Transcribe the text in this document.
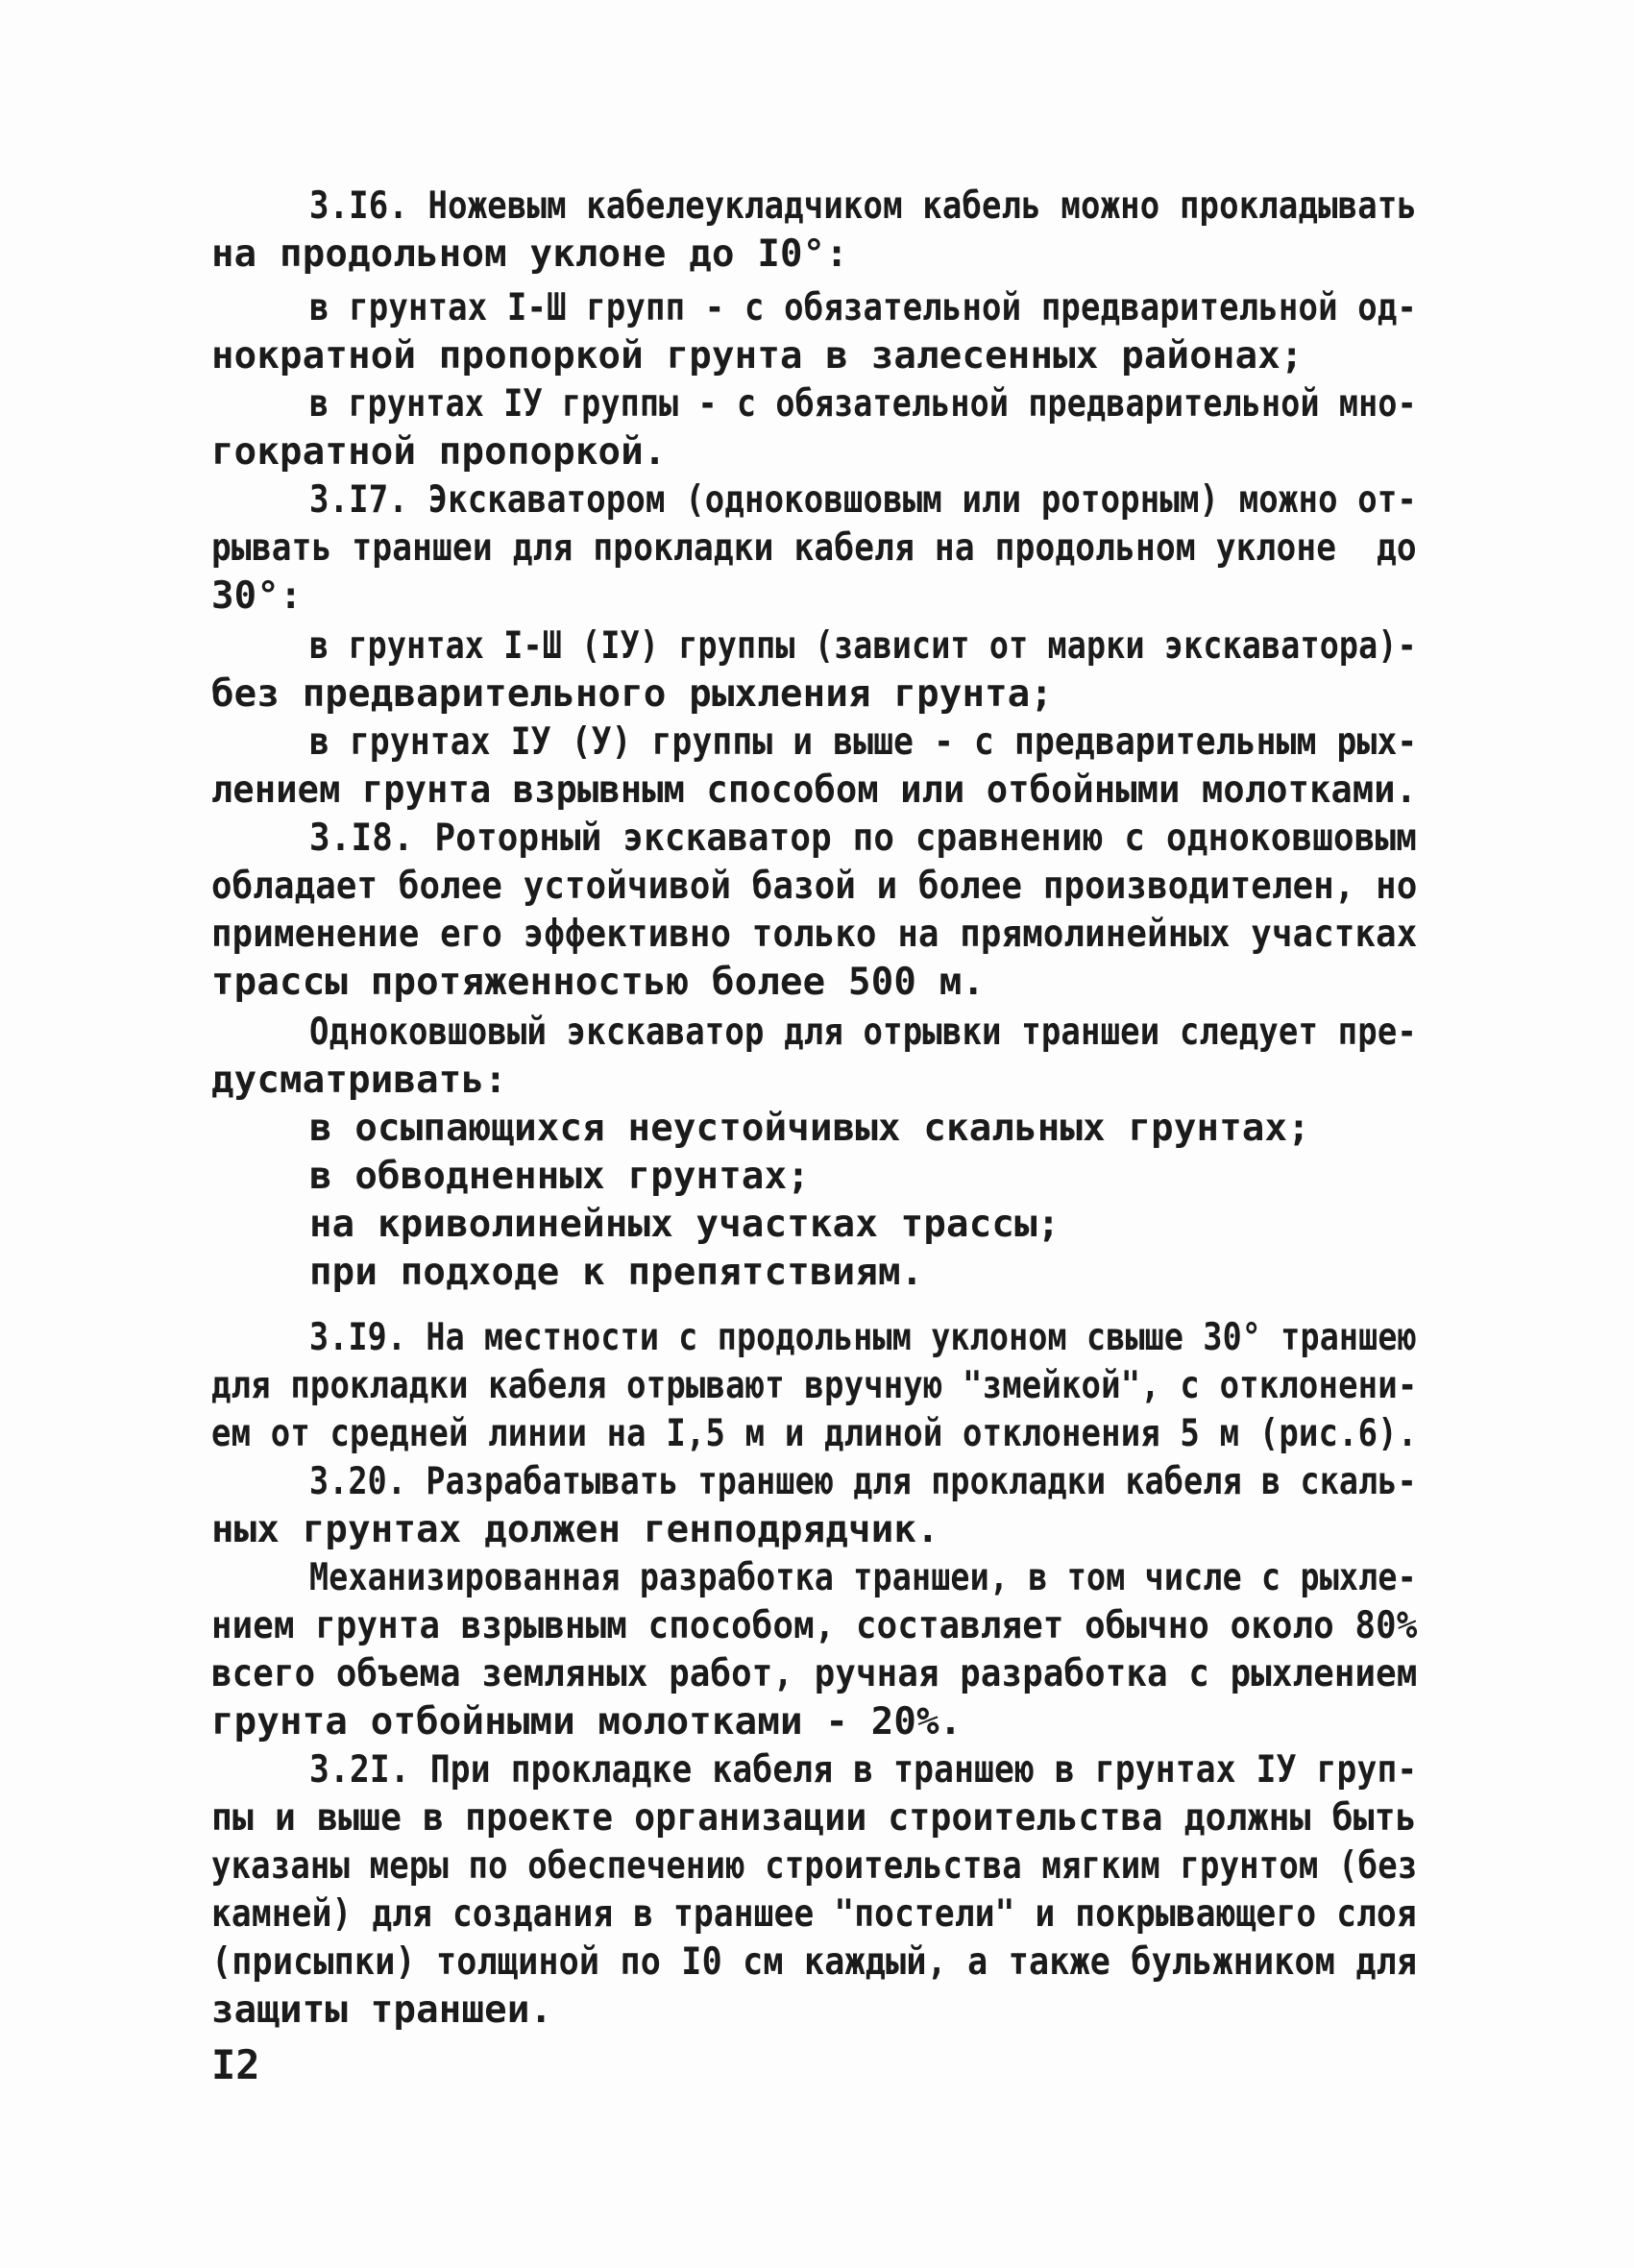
3.I6. Ножевым кабелеукладчиком кабель можно прокладывать
на продольном уклоне до I0°:
в грунтах I-Ш групп - с обязательной предварительной од-
нократной пропоркой грунта в залесенных районах;
в грунтах IУ группы - с обязательной предварительной мно-
гократной пропоркой.
3.I7. Экскаватором (одноковшовым или роторным) можно от-
рывать траншеи для прокладки кабеля на продольном уклоне  до
30°:
в грунтах I-Ш (IУ) группы (зависит от марки экскаватора)-
без предварительного рыхления грунта;
в грунтах IУ (У) группы и выше - с предварительным рых-
лением грунта взрывным способом или отбойными молотками.
3.I8. Роторный экскаватор по сравнению с одноковшовым
обладает более устойчивой базой и более производителен, но
применение его эффективно только на прямолинейных участках
трассы протяженностью более 500 м.
Одноковшовый экскаватор для отрывки траншеи следует пре-
дусматривать:
в осыпающихся неустойчивых скальных грунтах;
в обводненных грунтах;
на криволинейных участках трассы;
при подходе к препятствиям.
3.I9. На местности с продольным уклоном свыше 30° траншею
для прокладки кабеля отрывают вручную "змейкой", с отклонени-
ем от средней линии на I,5 м и длиной отклонения 5 м (рис.6).
3.20. Разрабатывать траншею для прокладки кабеля в скаль-
ных грунтах должен генподрядчик.
Механизированная разработка траншеи, в том числе с рыхле-
нием грунта взрывным способом, составляет обычно около 80%
всего объема земляных работ, ручная разработка с рыхлением
грунта отбойными молотками - 20%.
3.2I. При прокладке кабеля в траншею в грунтах IУ груп-
пы и выше в проекте организации строительства должны быть
указаны меры по обеспечению строительства мягким грунтом (без
камней) для создания в траншее "постели" и покрывающего слоя
(присыпки) толщиной по I0 см каждый, а также бульжником для
защиты траншеи.
I2
